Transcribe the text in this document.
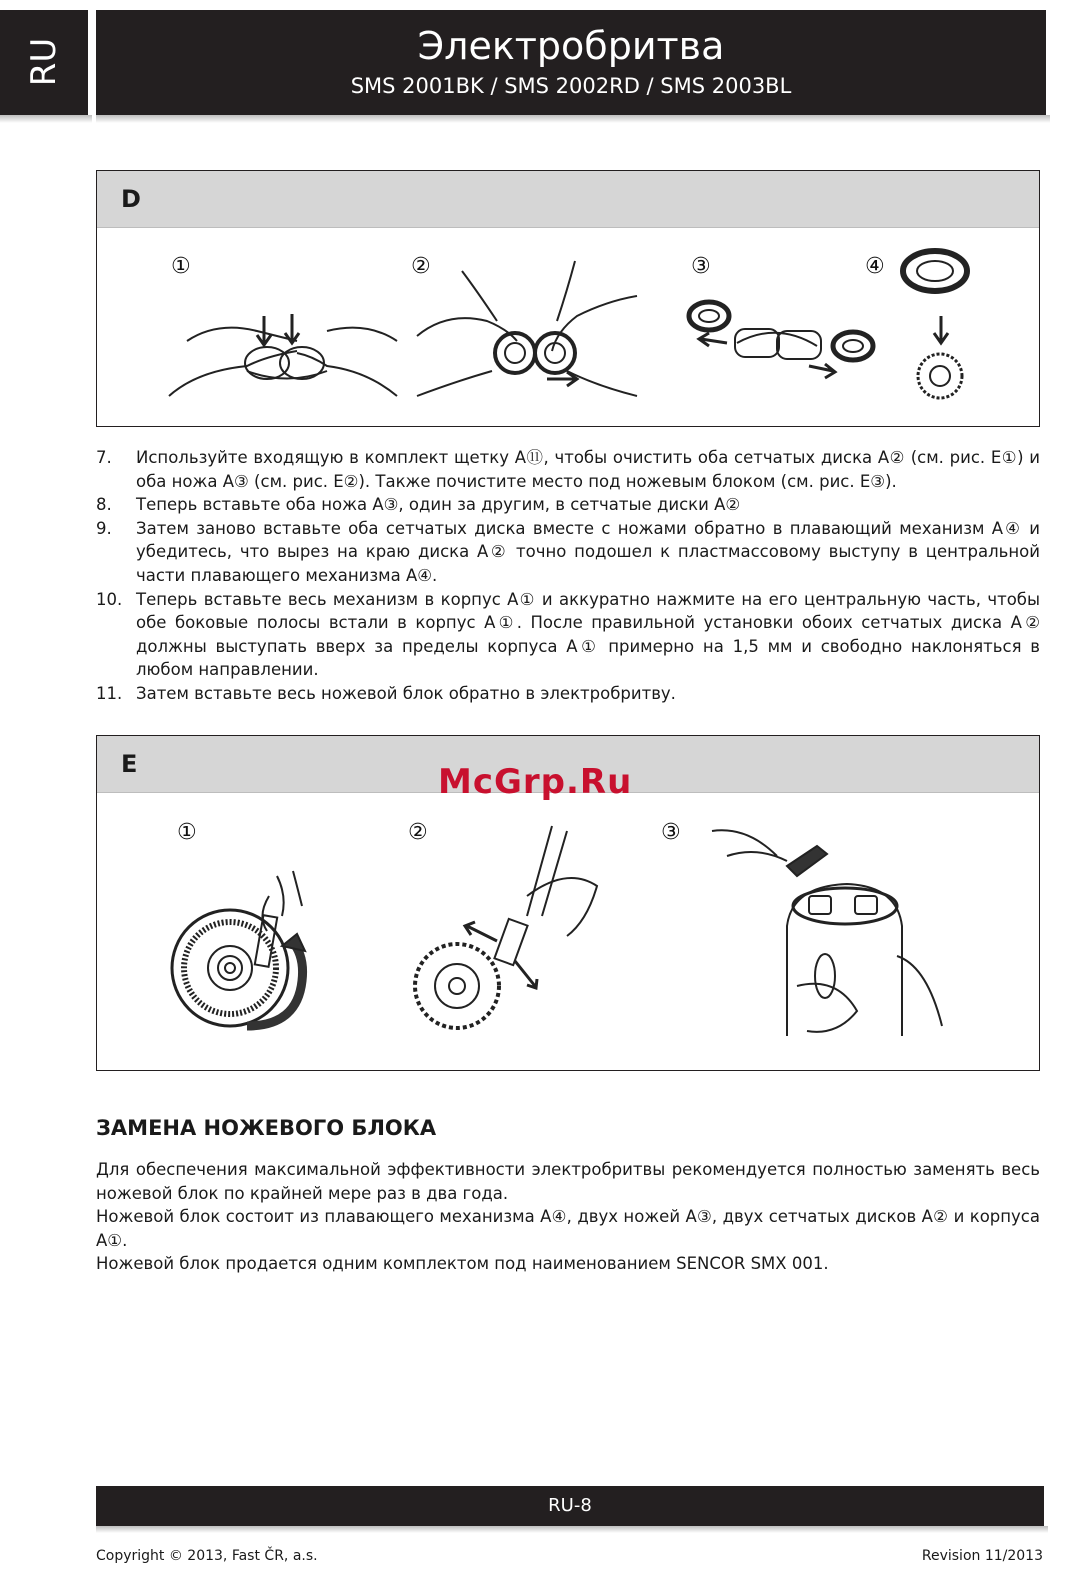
RU	Электробритва
SMS 2001BK / SMS 2002RD / SMS 2003BL
D
①	②	③	④
7.	Используйте входящую в комплект щетку A⑪, чтобы очистить оба сетчатых диска A② (см. рис. E①) и оба ножа A③ (см. рис. E②). Также почистите место под ножевым блоком (см. рис. E③).
8.	Теперь вставьте оба ножа A③, один за другим, в сетчатые диски A②
9.	Затем заново вставьте оба сетчатых диска вместе с ножами обратно в плавающий механизм A④ и убедитесь, что вырез на краю диска A② точно подошел к пластмассовому выступу в центральной части плавающего механизма A④.
10. Теперь вставьте весь механизм в корпус A① и аккуратно нажмите на его центральную часть, чтобы обе боковые полосы встали в корпус A①. После правильной установки обоих сетчатых диска A② должны выступать вверх за пределы корпуса A① примерно на 1,5 мм и свободно наклоняться в любом направлении.
11. Затем вставьте весь ножевой блок обратно в электробритву.
E
①	②	③
McGrp.Ru
ЗАМЕНА НОЖЕВОГО БЛОКА

Для обеспечения максимальной эффективности электробритвы рекомендуется полностью заменять весь ножевой блок по крайней мере раз в два года.

Ножевой блок состоит из плавающего механизма A④, двух ножей A③, двух сетчатых дисков A② и корпуса A①.

Ножевой блок продается одним комплектом под наименованием SENCOR SMX 001.

RU-8
Copyright © 2013, Fast ČR, a.s.	Revision 11/2013
